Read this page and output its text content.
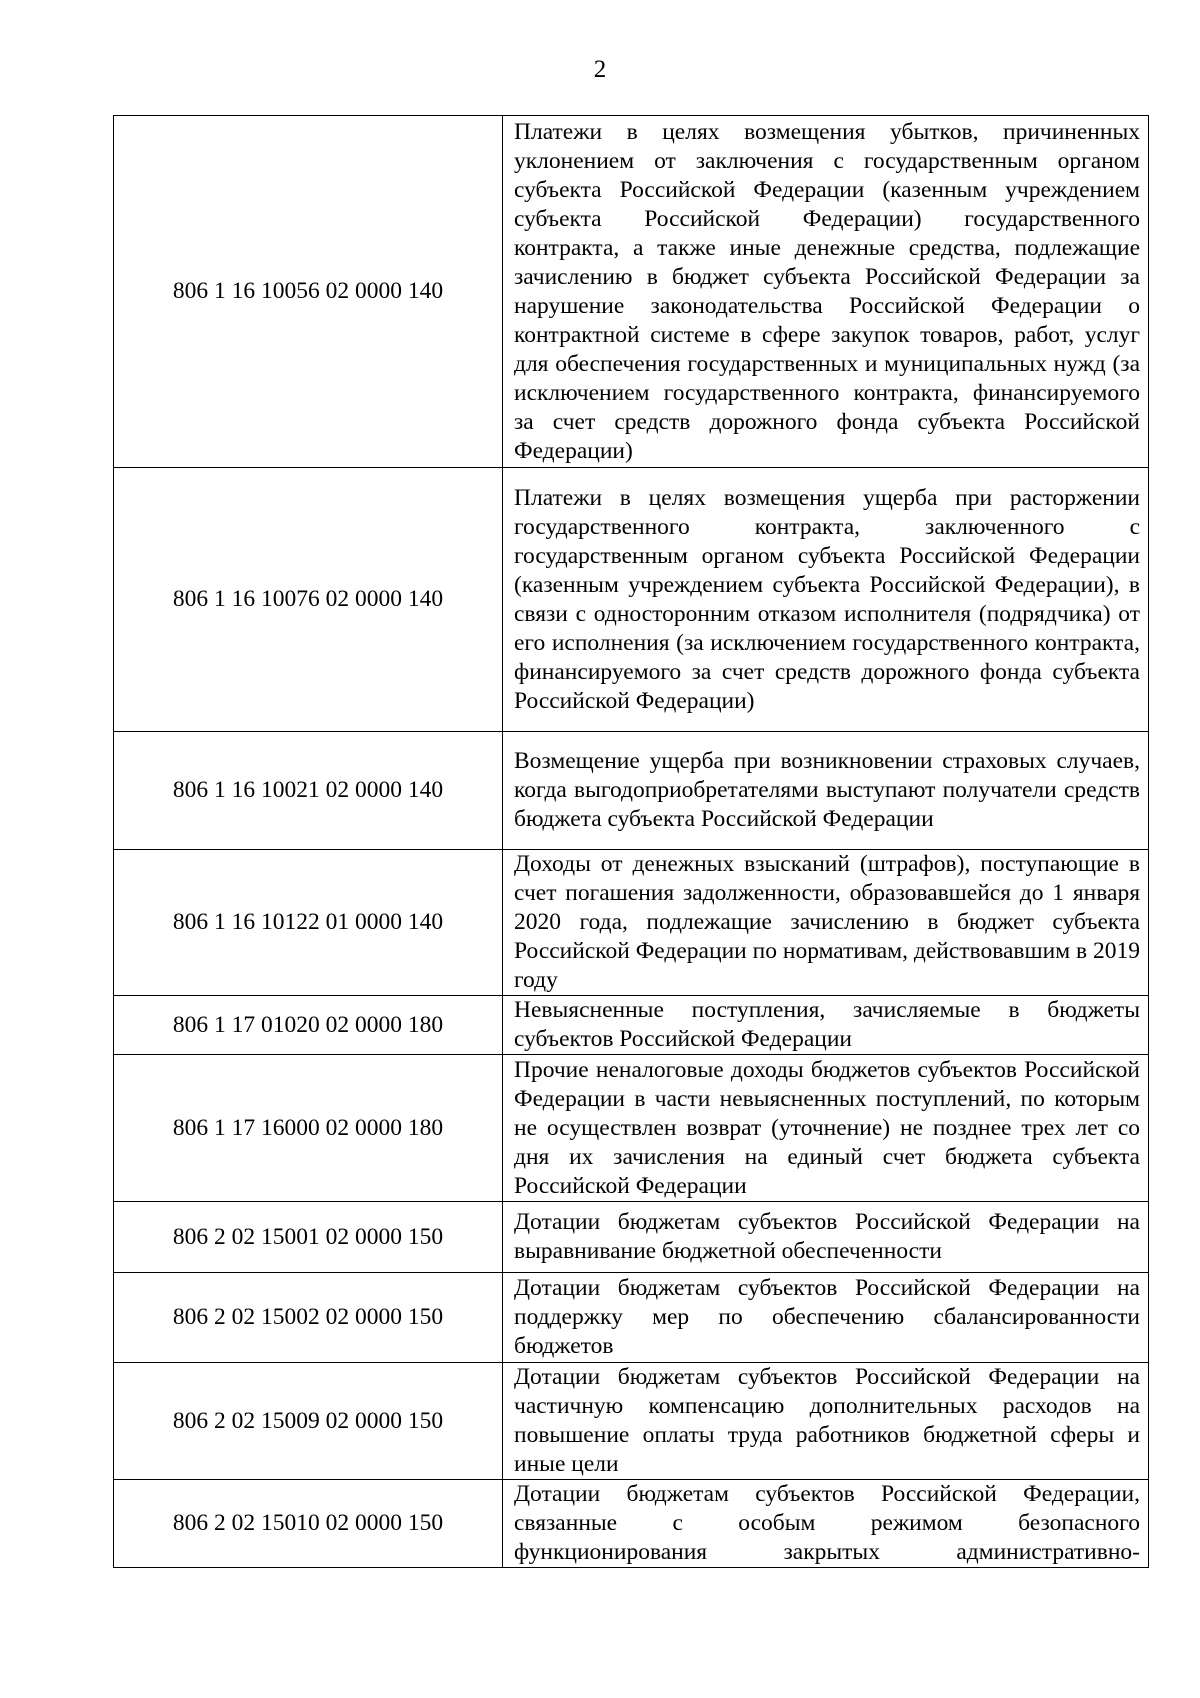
2
806 1 16 10056 02 0000 140	Платежи в целях возмещения убытков, причиненных уклонением от заключения с государственным органом субъекта Российской Федерации (казенным учреждением субъекта Российской Федерации) государственного контракта, а также иные денежные средства, подлежащие зачислению в бюджет субъекта Российской Федерации за нарушение законодательства Российской Федерации о контрактной системе в сфере закупок товаров, работ, услуг для обеспечения государственных и муниципальных нужд (за исключением государственного контракта, финансируемого за счет средств дорожного фонда субъекта Российской Федерации)
806 1 16 10076 02 0000 140	Платежи в целях возмещения ущерба при расторжении государственного контракта, заключенного с государственным органом субъекта Российской Федерации (казенным учреждением субъекта Российской Федерации), в связи с односторонним отказом исполнителя (подрядчика) от его исполнения (за исключением государственного контракта, финансируемого за счет средств дорожного фонда субъекта Российской Федерации)
806 1 16 10021 02 0000 140	Возмещение ущерба при возникновении страховых случаев, когда выгодоприобретателями выступают получатели средств бюджета субъекта Российской Федерации
806 1 16 10122 01 0000 140	Доходы от денежных взысканий (штрафов), поступающие в счет погашения задолженности, образовавшейся до 1 января 2020 года, подлежащие зачислению в бюджет субъекта Российской Федерации по нормативам, действовавшим в 2019 году
806 1 17 01020 02 0000 180	Невыясненные поступления, зачисляемые в бюджеты субъектов Российской Федерации
806 1 17 16000 02 0000 180	Прочие неналоговые доходы бюджетов субъектов Российской Федерации в части невыясненных поступлений, по которым не осуществлен возврат (уточнение) не позднее трех лет со дня их зачисления на единый счет бюджета субъекта Российской Федерации
806 2 02 15001 02 0000 150	Дотации бюджетам субъектов Российской Федерации на выравнивание бюджетной обеспеченности
806 2 02 15002 02 0000 150	Дотации бюджетам субъектов Российской Федерации на поддержку мер по обеспечению сбалансированности бюджетов
806 2 02 15009 02 0000 150	Дотации бюджетам субъектов Российской Федерации на частичную компенсацию дополнительных расходов на повышение оплаты труда работников бюджетной сферы и иные цели
806 2 02 15010 02 0000 150	Дотации бюджетам субъектов Российской Федерации, связанные с особым режимом безопасного функционирования закрытых административно-
